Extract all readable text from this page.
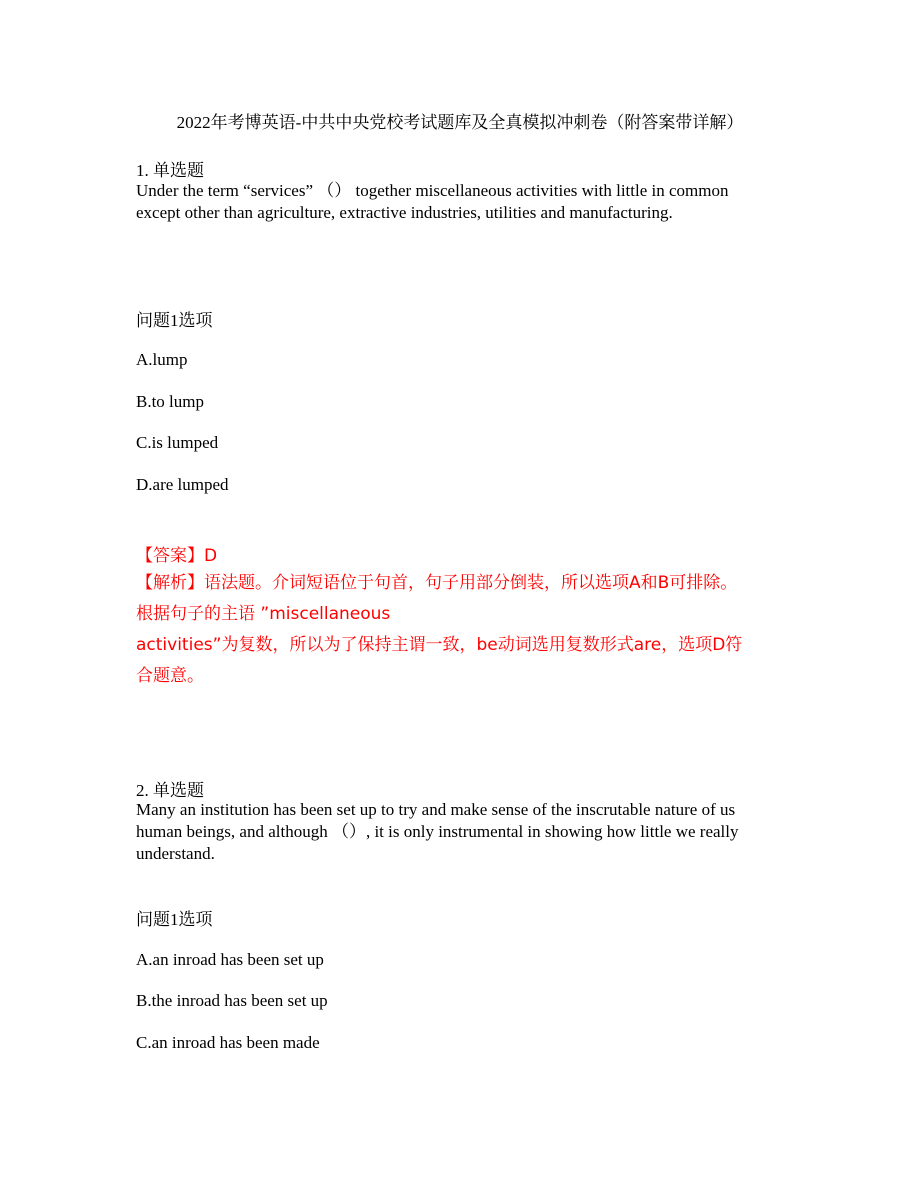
2022年考博英语-中共中央党校考试题库及全真模拟冲刺卷（附答案带详解）
1. 单选题
Under the term “services” （） together miscellaneous activities with little in common
except other than agriculture, extractive industries, utilities and manufacturing.
问题1选项
A.lump
B.to lump
C.is lumped
D.are lumped
【答案】D
【解析】语法题。介词短语位于句首，句子用部分倒装，所以选项A和B可排除。
根据句子的主语 ”miscellaneous
activities”为复数，所以为了保持主谓一致，be动词选用复数形式are，选项D符
合题意。
2. 单选题
Many an institution has been set up to try and make sense of the inscrutable nature of us
human beings, and although （）, it is only instrumental in showing how little we really
understand.
问题1选项
A.an inroad has been set up
B.the inroad has been set up
C.an inroad has been made
